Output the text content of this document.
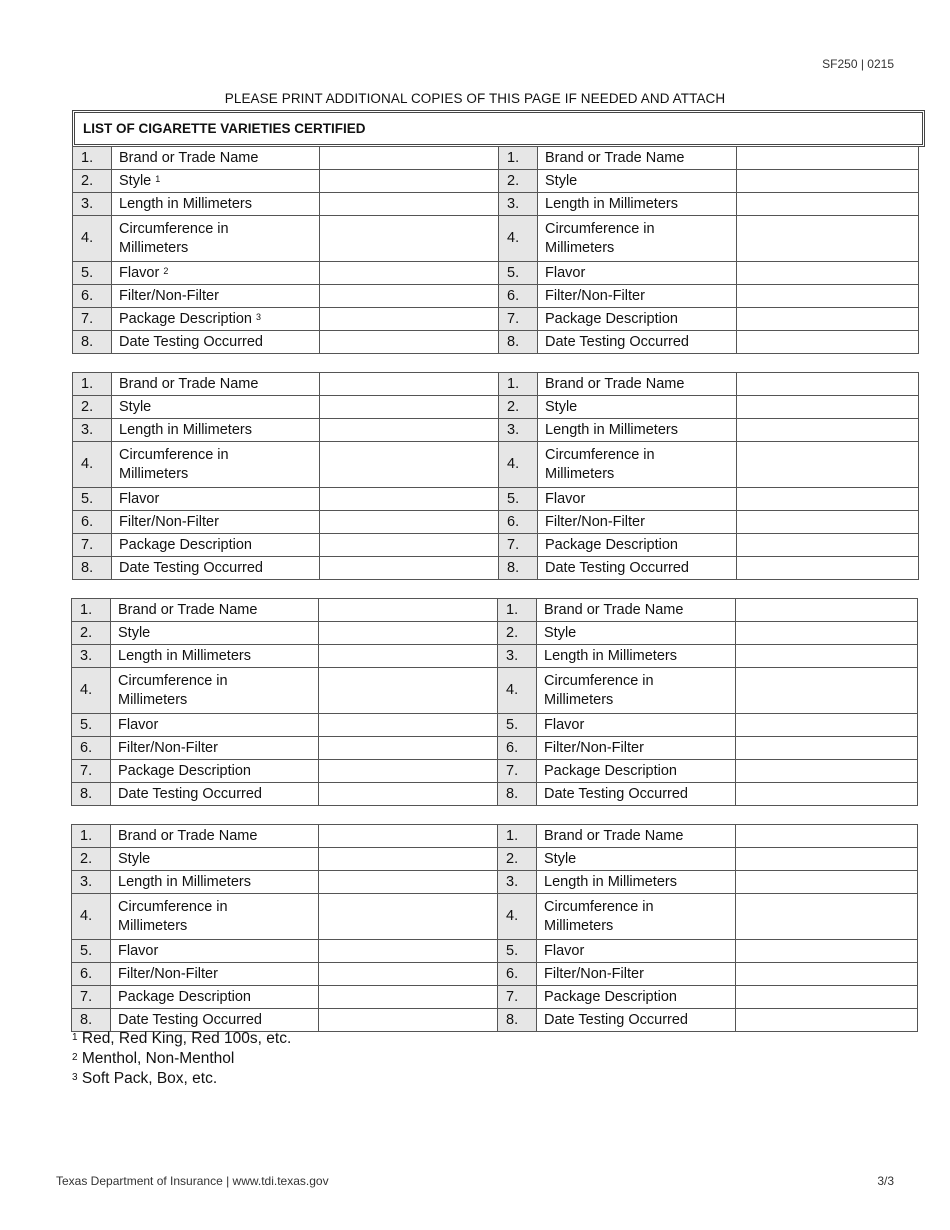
SF250 | 0215
PLEASE PRINT ADDITIONAL COPIES OF THIS PAGE IF NEEDED AND ATTACH
LIST OF CIGARETTE VARIETIES CERTIFIED
1.	Brand or Trade Name		1.	Brand or Trade Name	
2.	Style $^1$		2.	Style	
3.	Length in Millimeters		3.	Length in Millimeters	
4.	Circumference in Millimeters		4.	Circumference in Millimeters	
5.	Flavor $^2$		5.	Flavor	
6.	Filter/Non-Filter		6.	Filter/Non-Filter	
7.	Package Description $^3$		7.	Package Description	
8.	Date Testing Occurred		8.	Date Testing Occurred	
1.	Brand or Trade Name		1.	Brand or Trade Name	
2.	Style		2.	Style	
3.	Length in Millimeters		3.	Length in Millimeters	
4.	Circumference in Millimeters		4.	Circumference in Millimeters	
5.	Flavor		5.	Flavor	
6.	Filter/Non-Filter		6.	Filter/Non-Filter	
7.	Package Description		7.	Package Description	
8.	Date Testing Occurred		8.	Date Testing Occurred	
1.	Brand or Trade Name		1.	Brand or Trade Name	
2.	Style		2.	Style	
3.	Length in Millimeters		3.	Length in Millimeters	
4.	Circumference in Millimeters		4.	Circumference in Millimeters	
5.	Flavor		5.	Flavor	
6.	Filter/Non-Filter		6.	Filter/Non-Filter	
7.	Package Description		7.	Package Description	
8.	Date Testing Occurred		8.	Date Testing Occurred	
1.	Brand or Trade Name		1.	Brand or Trade Name	
2.	Style		2.	Style	
3.	Length in Millimeters		3.	Length in Millimeters	
4.	Circumference in Millimeters		4.	Circumference in Millimeters	
5.	Flavor		5.	Flavor	
6.	Filter/Non-Filter		6.	Filter/Non-Filter	
7.	Package Description		7.	Package Description	
8.	Date Testing Occurred		8.	Date Testing Occurred	
$^1$ Red, Red King, Red 100s, etc.
$^2$ Menthol, Non-Menthol
$^3$ Soft Pack, Box, etc.
Texas Department of Insurance | www.tdi.texas.gov	3/3
